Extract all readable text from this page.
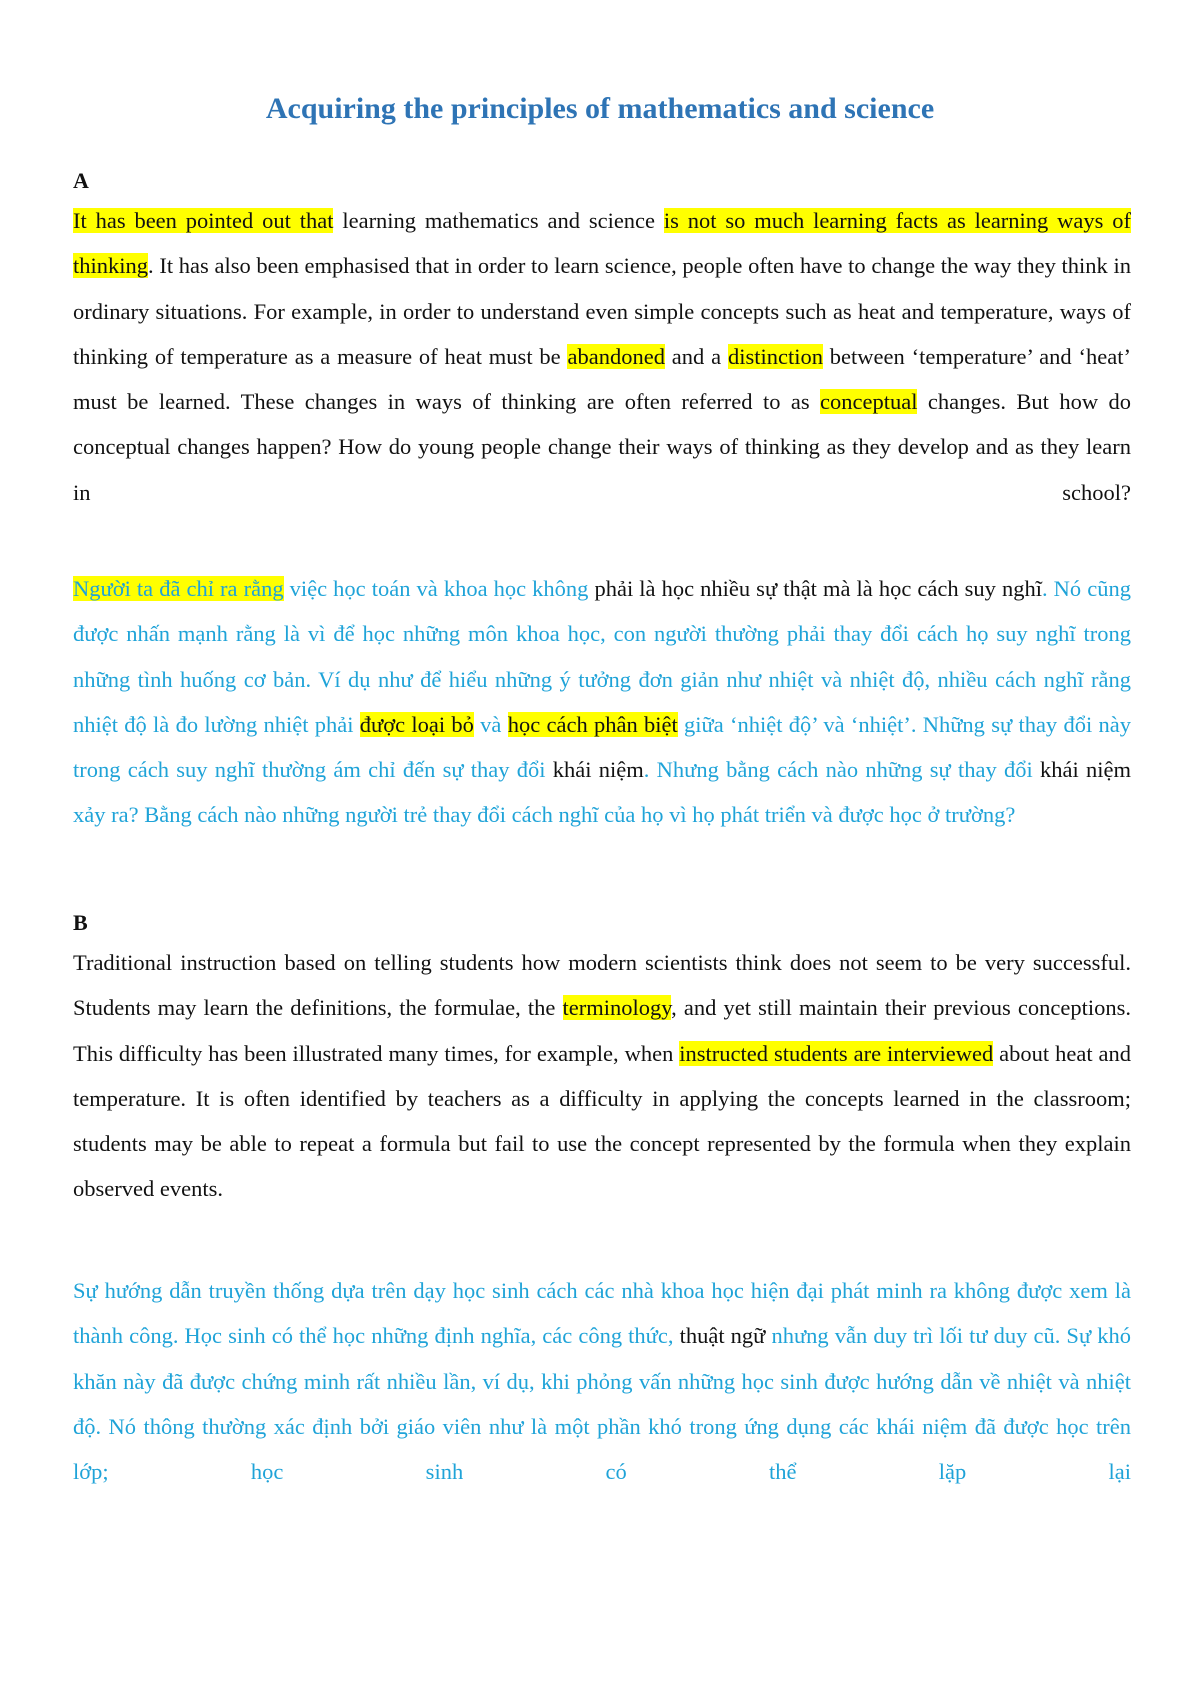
Acquiring the principles of mathematics and science

A

It has been pointed out that learning mathematics and science is not so much learning facts as learning ways of thinking. It has also been emphasised that in order to learn science, people often have to change the way they think in ordinary situations. For example, in order to understand even simple concepts such as heat and temperature, ways of thinking of temperature as a measure of heat must be abandoned and a distinction between ‘temperature’ and ‘heat’ must be learned. These changes in ways of thinking are often referred to as conceptual changes. But how do conceptual changes happen? How do young people change their ways of thinking as they develop and as they learn in school?

Người ta đã chỉ ra rằng việc học toán và khoa học không phải là học nhiều sự thật mà là học cách suy nghĩ. Nó cũng được nhấn mạnh rằng là vì để học những môn khoa học, con người thường phải thay đổi cách họ suy nghĩ trong những tình huống cơ bản. Ví dụ như để hiểu những ý tưởng đơn giản như nhiệt và nhiệt độ, nhiều cách nghĩ rằng nhiệt độ là đo lường nhiệt phải được loại bỏ và học cách phân biệt giữa ‘nhiệt độ’ và ‘nhiệt’. Những sự thay đổi này trong cách suy nghĩ thường ám chỉ đến sự thay đổi khái niệm. Nhưng bằng cách nào những sự thay đổi khái niệm xảy ra? Bằng cách nào những người trẻ thay đổi cách nghĩ của họ vì họ phát triển và được học ở trường?

B

Traditional instruction based on telling students how modern scientists think does not seem to be very successful. Students may learn the definitions, the formulae, the terminology, and yet still maintain their previous conceptions. This difficulty has been illustrated many times, for example, when instructed students are interviewed about heat and temperature. It is often identified by teachers as a difficulty in applying the concepts learned in the classroom; students may be able to repeat a formula but fail to use the concept represented by the formula when they explain observed events.

Sự hướng dẫn truyền thống dựa trên dạy học sinh cách các nhà khoa học hiện đại phát minh ra không được xem là thành công. Học sinh có thể học những định nghĩa, các công thức, thuật ngữ nhưng vẫn duy trì lối tư duy cũ. Sự khó khăn này đã được chứng minh rất nhiều lần, ví dụ, khi phỏng vấn những học sinh được hướng dẫn về nhiệt và nhiệt độ. Nó thông thường xác định bởi giáo viên như là một phần khó trong ứng dụng các khái niệm đã được học trên lớp; học sinh có thể lặp lại
